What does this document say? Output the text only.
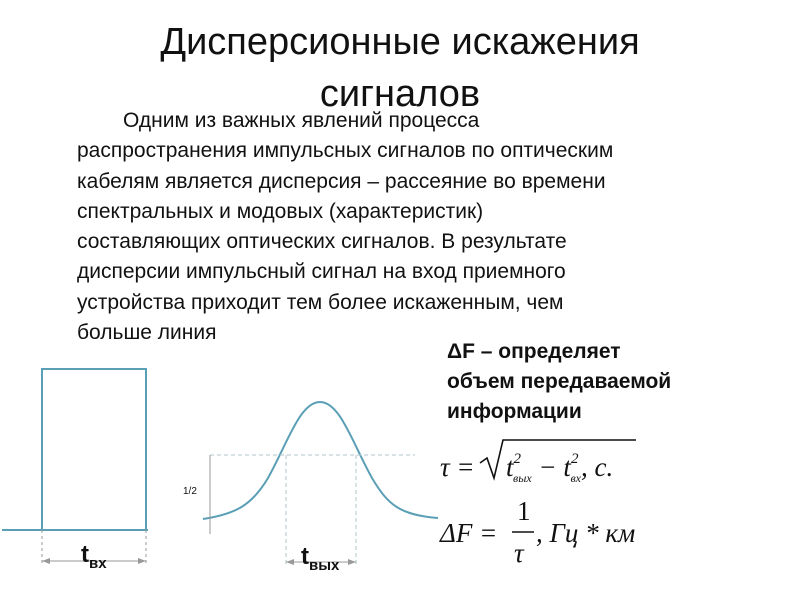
Дисперсионные искажения
сигналов
Одним из важных явлений процесса
распространения импульсных сигналов по оптическим
кабелям является дисперсия – рассеяние во времени
спектральных и модовых (характеристик)
составляющих оптических сигналов. В результате
дисперсии импульсный сигнал на вход приемного
устройства приходит тем более искаженным, чем
больше линия
ΔF – определяет
объем передаваемой
информации
$t_{вх}$
1/2
$t_{вых}$
$\tau = t^2$ вых − $t^2$ вх, c.
ΔF =
1
τ
, Гц * км
